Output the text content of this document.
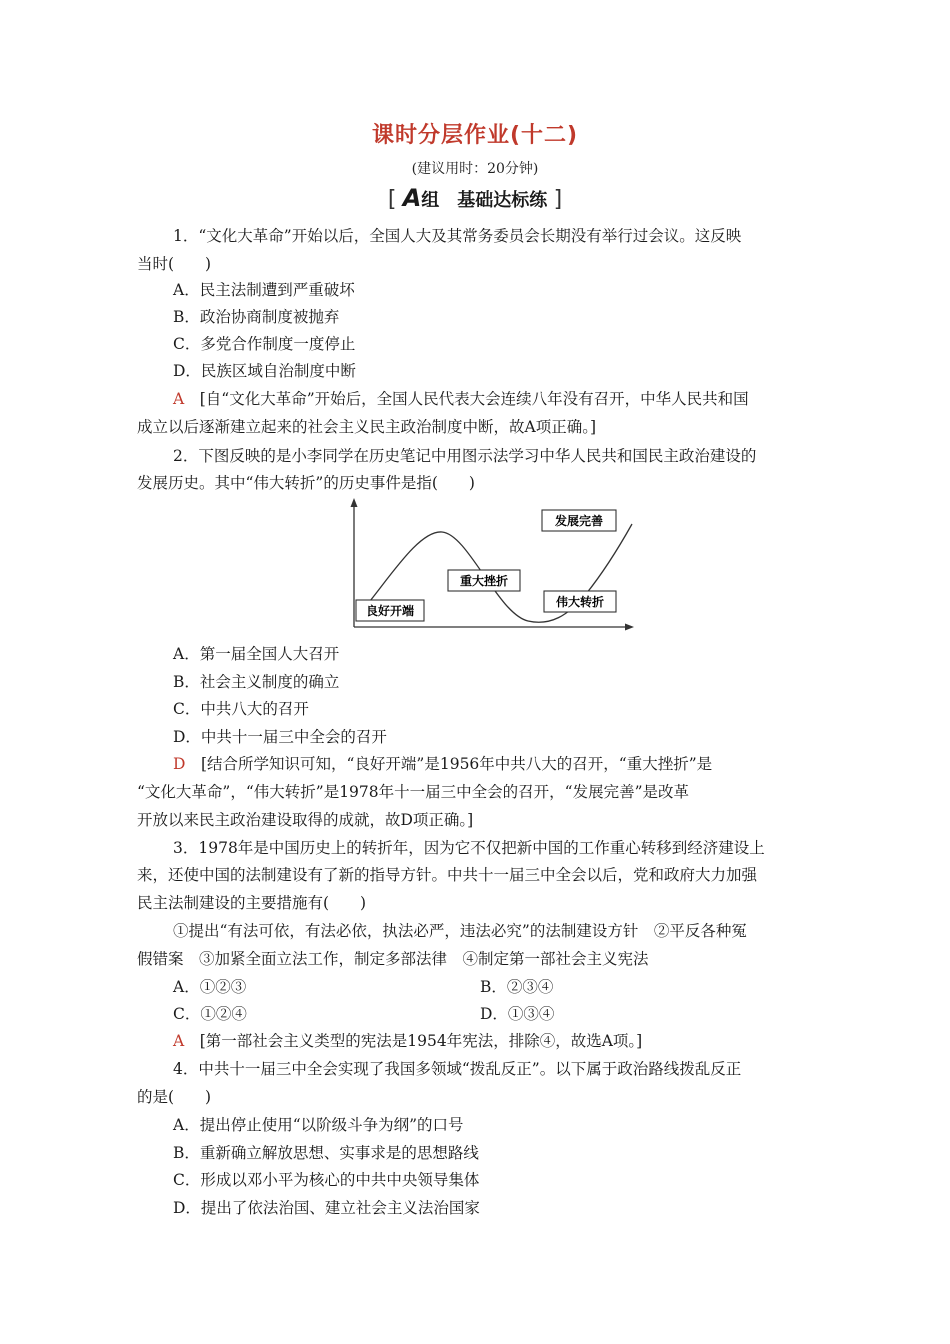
课时分层作业(十二)
(建议用时：20分钟)
[ A组　基础达标练 ]
1．“文化大革命”开始以后，全国人大及其常务委员会长期没有举行过会议。这反映
当时(　　)
A．民主法制遭到严重破坏
B．政治协商制度被抛弃
C．多党合作制度一度停止
D．民族区域自治制度中断
A　 [自“文化大革命”开始后，全国人民代表大会连续八年没有召开，中华人民共和国
成立以后逐渐建立起来的社会主义民主政治制度中断，故A项正确。]
2．下图反映的是小李同学在历史笔记中用图示法学习中华人民共和国民主政治建设的
发展历史。其中“伟大转折”的历史事件是指(　　)
良好开端
重大挫折
伟大转折
发展完善
A．第一届全国人大召开
B．社会主义制度的确立
C．中共八大的召开
D．中共十一届三中全会的召开
D　 [结合所学知识可知，“良好开端”是1956年中共八大的召开，“重大挫折”是
“文化大革命”，“伟大转折”是1978年十一届三中全会的召开，“发展完善”是改革
开放以来民主政治建设取得的成就，故D项正确。]
3．1978年是中国历史上的转折年，因为它不仅把新中国的工作重心转移到经济建设上
来，还使中国的法制建设有了新的指导方针。中共十一届三中全会以后，党和政府大力加强
民主法制建设的主要措施有(　　)
①提出“有法可依，有法必依，执法必严，违法必究”的法制建设方针　②平反各种冤
假错案　③加紧全面立法工作，制定多部法律　④制定第一部社会主义宪法
A．①②③	B．②③④
C．①②④	D．①③④
A　 [第一部社会主义类型的宪法是1954年宪法，排除④，故选A项。]
4．中共十一届三中全会实现了我国多领域“拨乱反正”。以下属于政治路线拨乱反正
的是(　　)
A．提出停止使用“以阶级斗争为纲”的口号
B．重新确立解放思想、实事求是的思想路线
C．形成以邓小平为核心的中共中央领导集体
D．提出了依法治国、建立社会主义法治国家
